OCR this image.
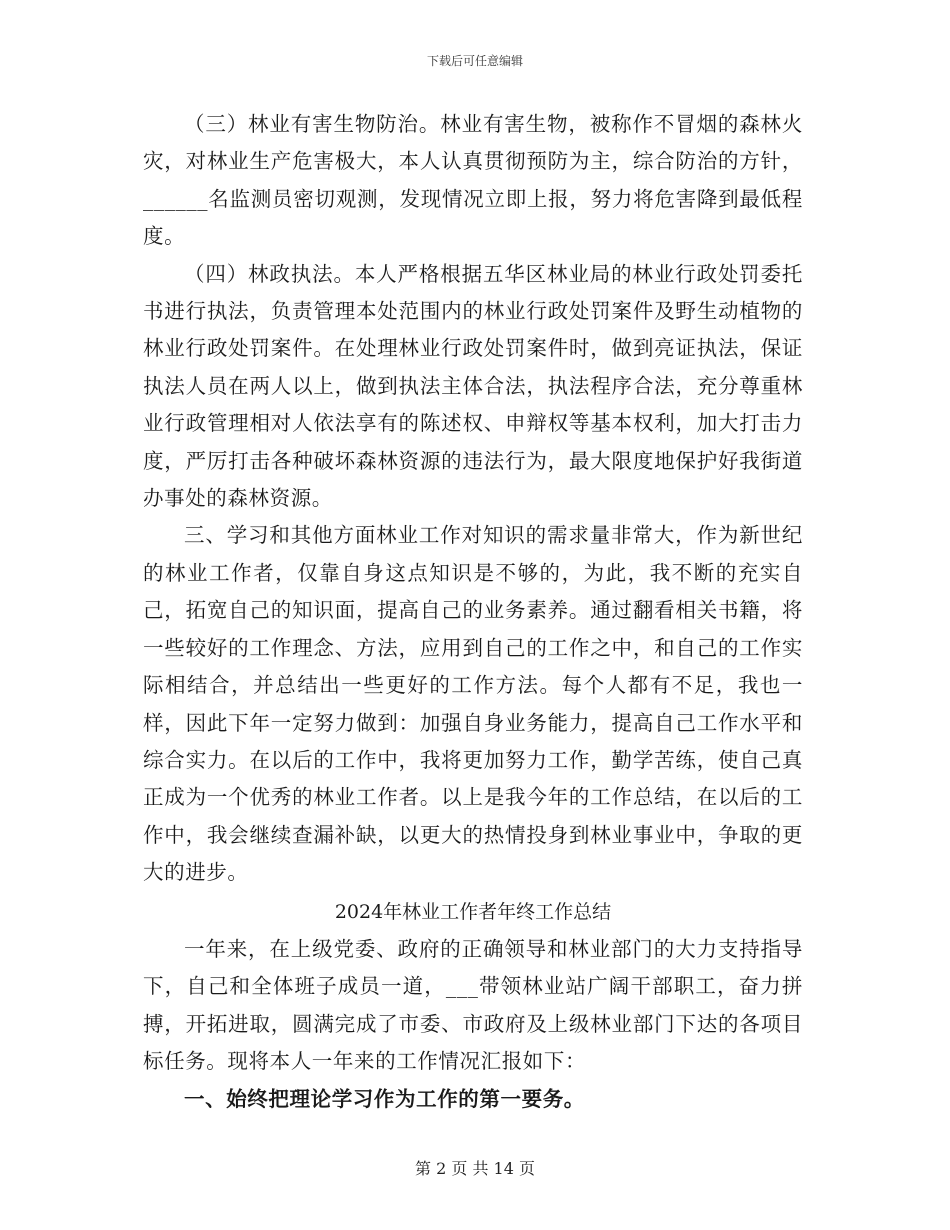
下载后可任意编辑

（三）林业有害生物防治。林业有害生物，被称作不冒烟的森林火灾，对林业生产危害极大，本人认真贯彻预防为主，综合防治的方针，______名监测员密切观测，发现情况立即上报，努力将危害降到最低程度。

（四）林政执法。本人严格根据五华区林业局的林业行政处罚委托书进行执法，负责管理本处范围内的林业行政处罚案件及野生动植物的林业行政处罚案件。在处理林业行政处罚案件时，做到亮证执法，保证执法人员在两人以上，做到执法主体合法，执法程序合法，充分尊重林业行政管理相对人依法享有的陈述权、申辩权等基本权利，加大打击力度，严厉打击各种破坏森林资源的违法行为，最大限度地保护好我街道办事处的森林资源。

三、学习和其他方面林业工作对知识的需求量非常大，作为新世纪的林业工作者，仅靠自身这点知识是不够的，为此，我不断的充实自己，拓宽自己的知识面，提高自己的业务素养。通过翻看相关书籍，将一些较好的工作理念、方法，应用到自己的工作之中，和自己的工作实际相结合，并总结出一些更好的工作方法。每个人都有不足，我也一样，因此下年一定努力做到：加强自身业务能力，提高自己工作水平和综合实力。在以后的工作中，我将更加努力工作，勤学苦练，使自己真正成为一个优秀的林业工作者。以上是我今年的工作总结，在以后的工作中，我会继续查漏补缺，以更大的热情投身到林业事业中，争取的更大的进步。

2024年林业工作者年终工作总结

一年来，在上级党委、政府的正确领导和林业部门的大力支持指导下，自己和全体班子成员一道，___带领林业站广阔干部职工，奋力拼搏，开拓进取，圆满完成了市委、市政府及上级林业部门下达的各项目标任务。现将本人一年来的工作情况汇报如下：

一、始终把理论学习作为工作的第一要务。

第 2 页 共 14 页
